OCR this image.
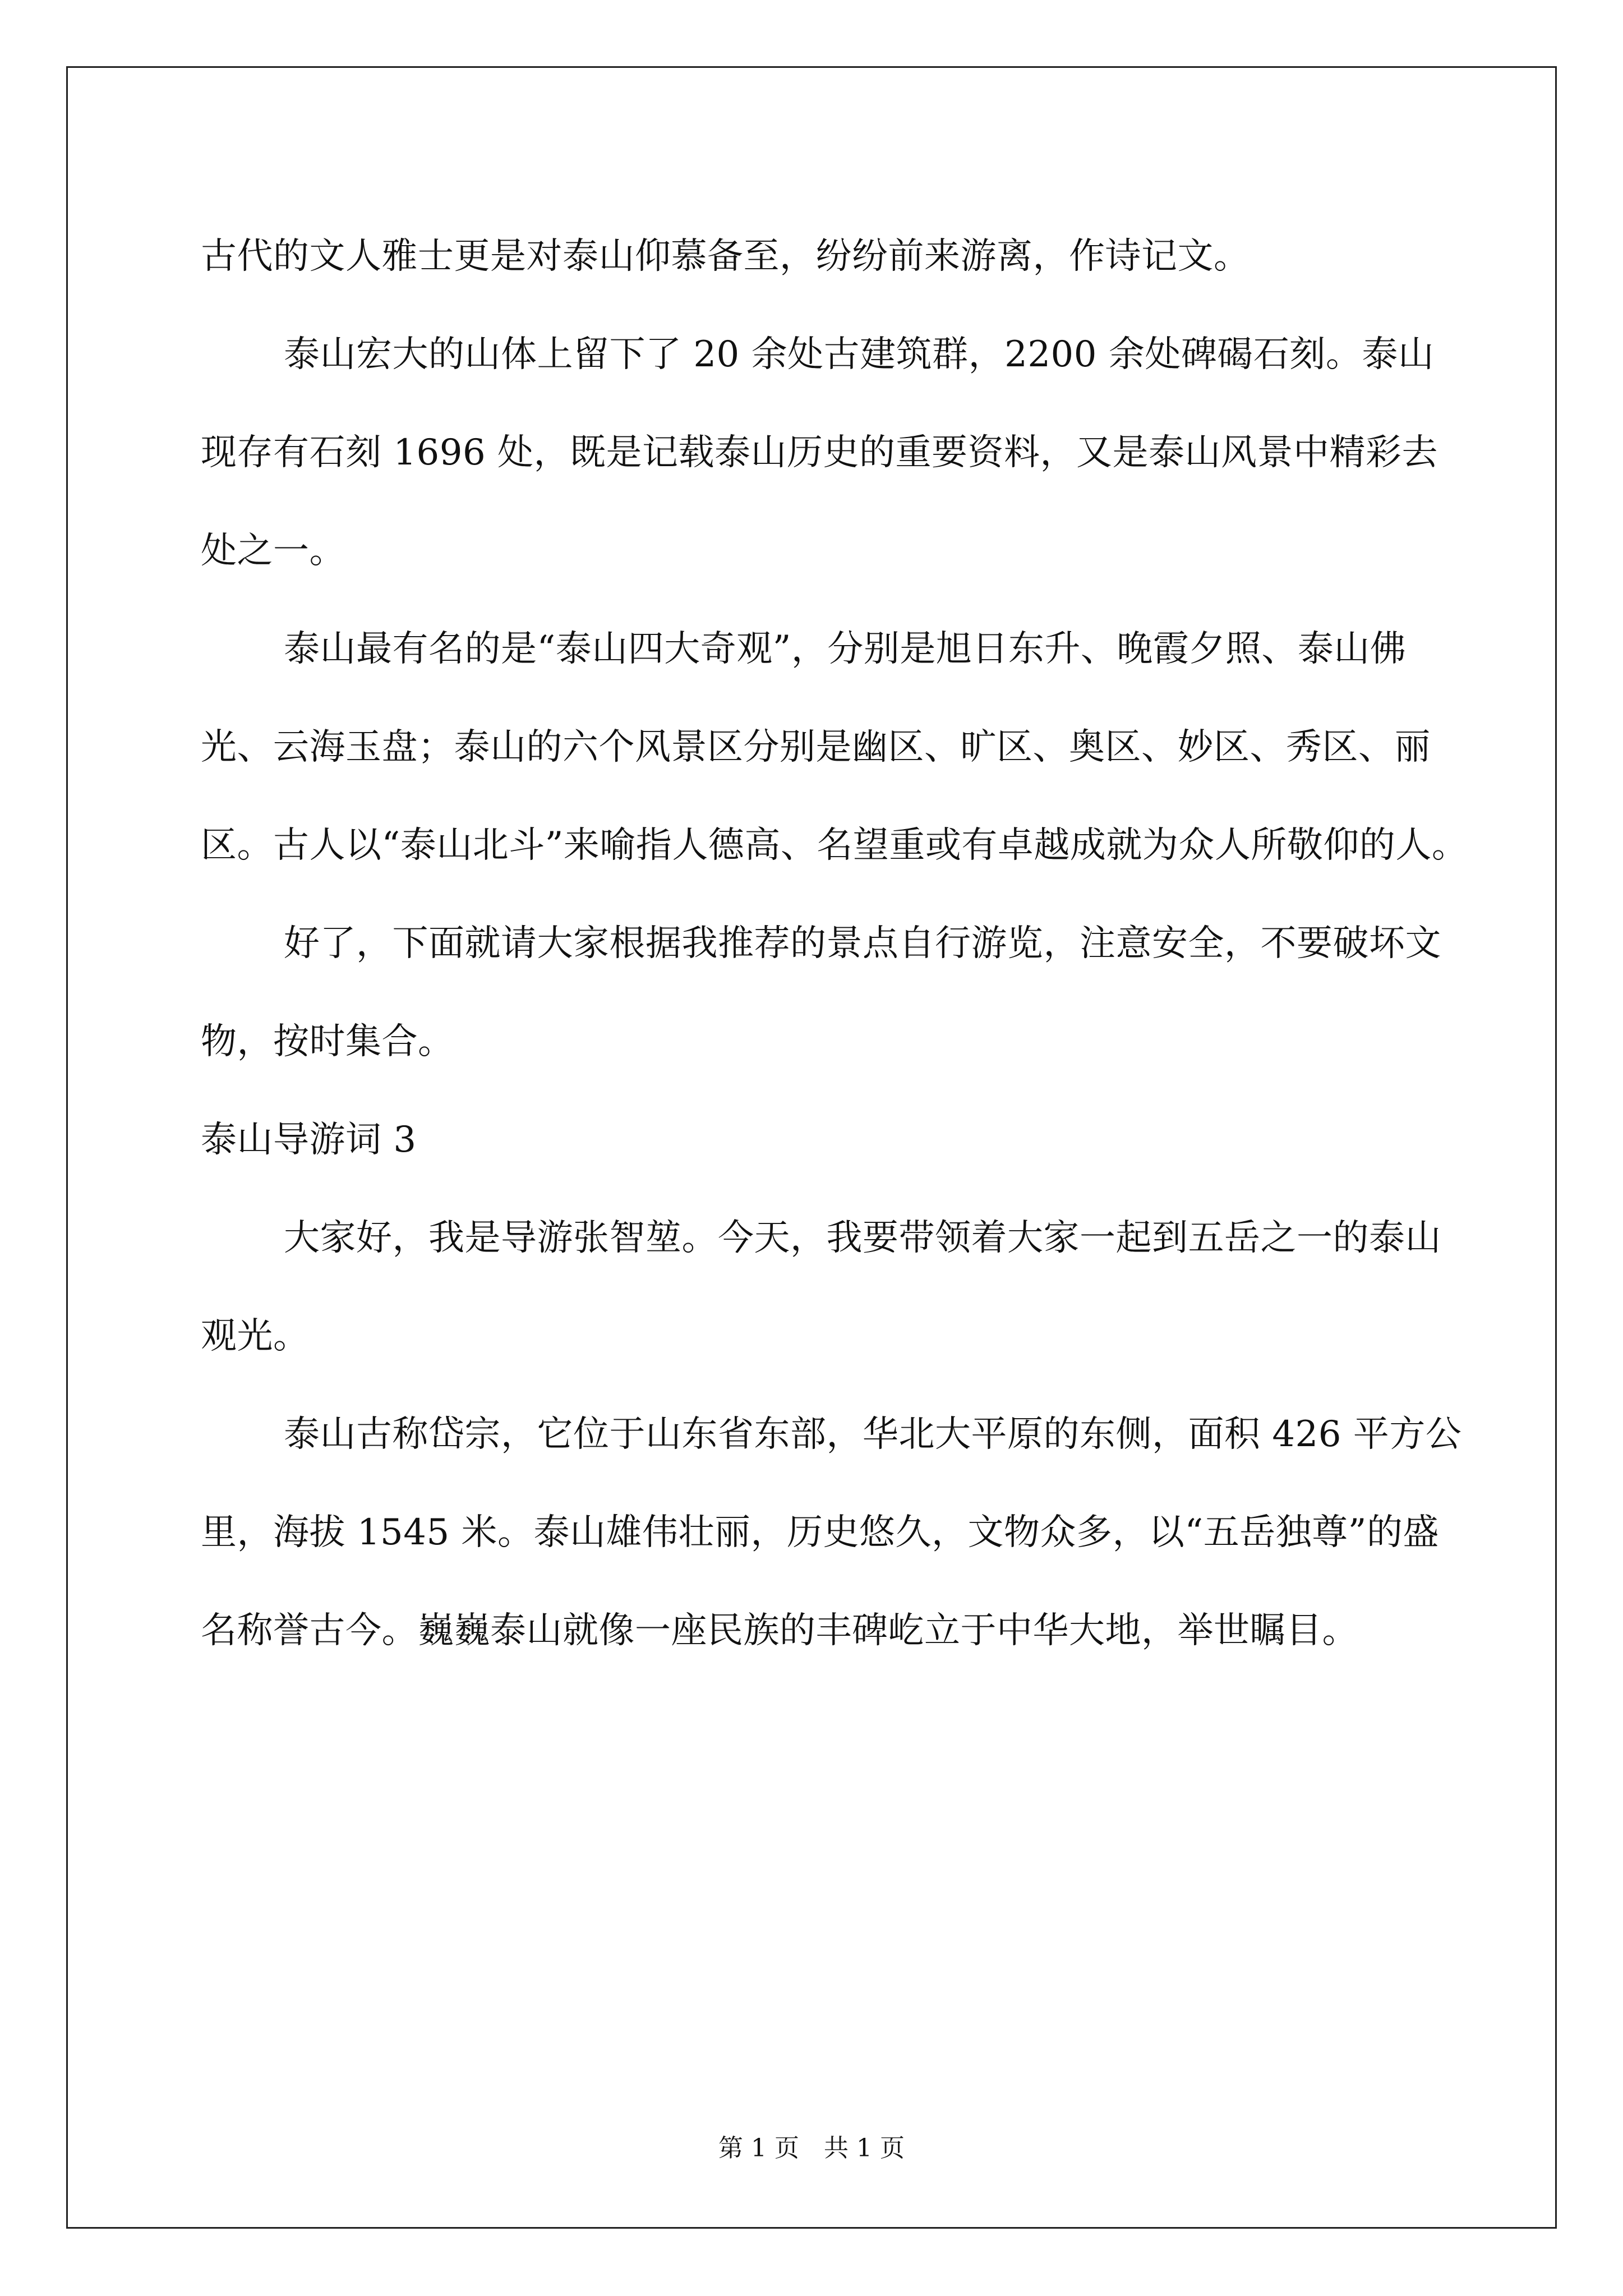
古代的文人雅士更是对泰山仰慕备至，纷纷前来游离，作诗记文。

泰山宏大的山体上留下了 20 余处古建筑群，2200 余处碑碣石刻。泰山现存有石刻 1696 处，既是记载泰山历史的重要资料，又是泰山风景中精彩去处之一。

泰山最有名的是“泰山四大奇观”，分别是旭日东升、晚霞夕照、泰山佛光、云海玉盘；泰山的六个风景区分别是幽区、旷区、奥区、妙区、秀区、丽区。古人以“泰山北斗”来喻指人德高、名望重或有卓越成就为众人所敬仰的人。

好了，下面就请大家根据我推荐的景点自行游览，注意安全，不要破坏文物，按时集合。

泰山导游词 3

大家好，我是导游张智堃。今天，我要带领着大家一起到五岳之一的泰山观光。

泰山古称岱宗，它位于山东省东部，华北大平原的东侧，面积 426 平方公里，海拔 1545 米。泰山雄伟壮丽，历史悠久，文物众多，以“五岳独尊”的盛名称誉古今。巍巍泰山就像一座民族的丰碑屹立于中华大地，举世瞩目。

第 1 页　共 1 页
